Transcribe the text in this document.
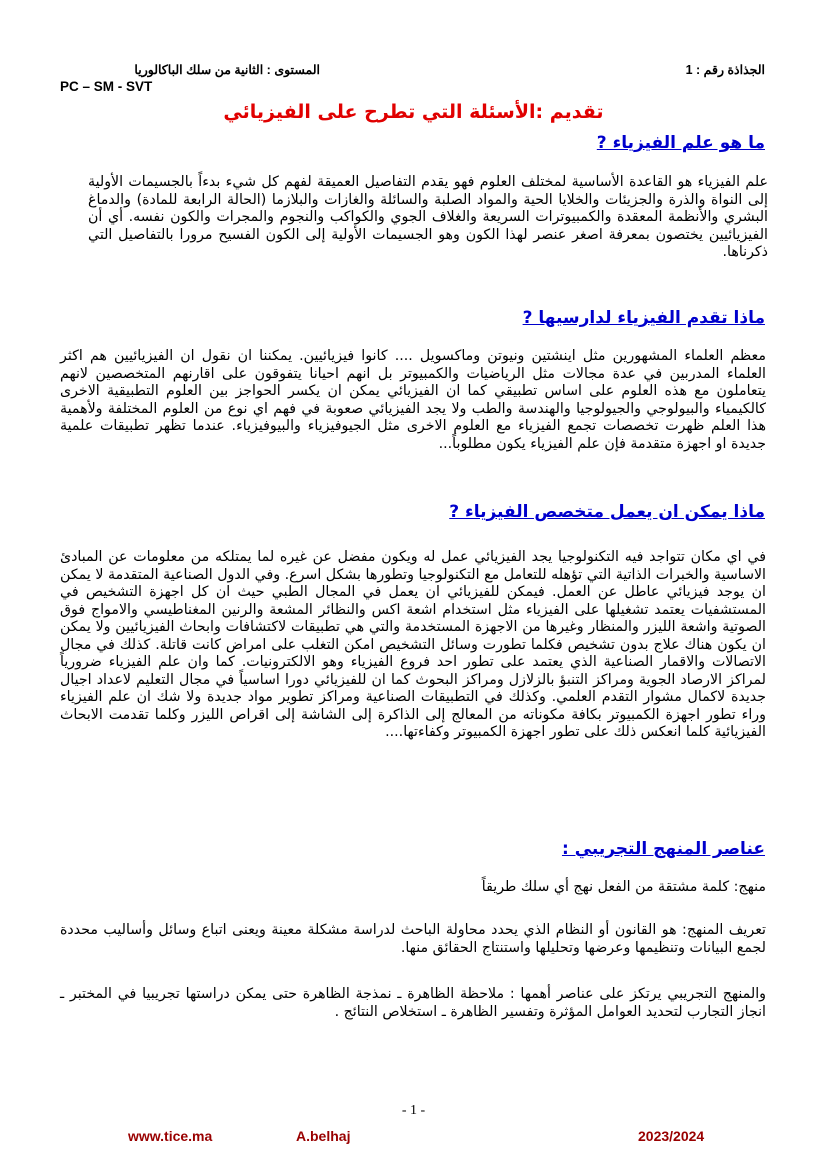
الجذاذة رقم : 1
المستوى : الثانية من سلك الباكالوريا
PC – SM - SVT
تقديم :الأسئلة التي تطرح على الفيزيائي
ما هو علم الفيزياء ?
علم الفيزياء هو القاعدة الأساسية لمختلف العلوم فهو يقدم التفاصيل العميقة لفهم كل شيء بدءاً بالجسيمات الأولية إلى النواة والذرة والجزيئات والخلايا الحية والمواد الصلبة والسائلة والغازات والبلازما (الحالة الرابعة للمادة) والدماغ البشري والأنظمة المعقدة والكمبيوترات السريعة والغلاف الجوي والكواكب والنجوم والمجرات والكون نفسه. أي أن الفيزيائيين يختصون بمعرفة اصغر عنصر لهذا الكون وهو الجسيمات الأولية إلى الكون الفسيح مرورا بالتفاصيل التي ذكرناها.
ماذا تقدم الفيزياء لدارسيها ?
معظم العلماء المشهورين مثل اينشتين ونيوتن وماكسويل .... كانوا فيزيائيين. يمكننا ان نقول ان الفيزيائيين هم اكثر العلماء المدربين في عدة مجالات مثل الرياضيات والكمبيوتر بل انهم احيانا يتفوقون على اقارنهم المتخصصين لانهم يتعاملون مع هذه العلوم على اساس تطبيقي كما ان الفيزيائي يمكن ان يكسر الحواجز بين العلوم التطبيقية الاخرى كالكيمياء والبيولوجي والجيولوجيا والهندسة والطب ولا يجد الفيزيائي صعوبة في فهم اي نوع من العلوم المختلفة ولأهمية هذا العلم ظهرت تخصصات تجمع الفيزياء مع العلوم الاخرى مثل الجيوفيزياء والبيوفيزياء. عندما تظهر تطبيقات علمية جديدة او اجهزة متقدمة فإن علم الفيزياء يكون مطلوباً...
ماذا يمكن ان يعمل متخصص الفيزياء ?
في اي مكان تتواجد فيه التكنولوجيا يجد الفيزيائي عمل له ويكون مفضل عن غيره لما يمتلكه من معلومات عن المبادئ الاساسية والخبرات الذاتية التي تؤهله للتعامل مع التكنولوجيا وتطورها بشكل اسرع. وفي الدول الصناعية المتقدمة لا يمكن ان يوجد فيزيائي عاطل عن العمل. فيمكن للفيزيائي ان يعمل في المجال الطبي حيث ان كل اجهزة التشخيص في المستشفيات يعتمد تشغيلها على الفيزياء مثل استخدام اشعة اكس والنظائر المشعة والرنين المغناطيسي والامواج فوق الصوتية واشعة الليزر والمنظار وغيرها من الاجهزة المستخدمة والتي هي تطبيقات لاكتشافات وابحاث الفيزيائيين ولا يمكن ان يكون هناك علاج بدون تشخيص فكلما تطورت وسائل التشخيص امكن التغلب على امراض كانت قاتلة. كذلك في مجال الاتصالات والاقمار الصناعية الذي يعتمد على تطور احد فروع الفيزياء وهو الالكترونيات. كما وان علم الفيزياء ضرورياً لمراكز الارصاد الجوية ومراكز التنبؤ بالزلازل ومراكز البحوث كما ان للفيزيائي دورا اساسياً في مجال التعليم لاعداد اجيال جديدة لاكمال مشوار التقدم العلمي. وكذلك في التطبيقات الصناعية ومراكز تطوير مواد جديدة ولا شك ان علم الفيزياء وراء تطور اجهزة الكمبيوتر بكافة مكوناته من المعالج إلى الذاكرة إلى الشاشة إلى اقراص الليزر وكلما تقدمت الابحاث الفيزيائية كلما انعكس ذلك على تطور اجهزة الكمبيوتر وكفاءتها....
عناصر المنهج التجريبي :
منهج: كلمة مشتقة من الفعل نهج أي سلك طريقاً
تعريف المنهج: هو القانون أو النظام الذي يحدد محاولة الباحث لدراسة مشكلة معينة ويعنى اتباع وسائل وأساليب محددة لجمع البيانات وتنظيمها وعرضها وتحليلها واستنتاج الحقائق منها.
والمنهج التجريبي يرتكز على عناصر أهمها : ملاحظة الظاهرة ـ نمذجة الظاهرة حتى يمكن دراستها تجريبيا في المختبر ـ انجاز التجارب لتحديد العوامل المؤثرة وتفسير الظاهرة ـ استخلاص النتائج .
- 1 -
www.tice.ma	A.belhaj	2023/2024
